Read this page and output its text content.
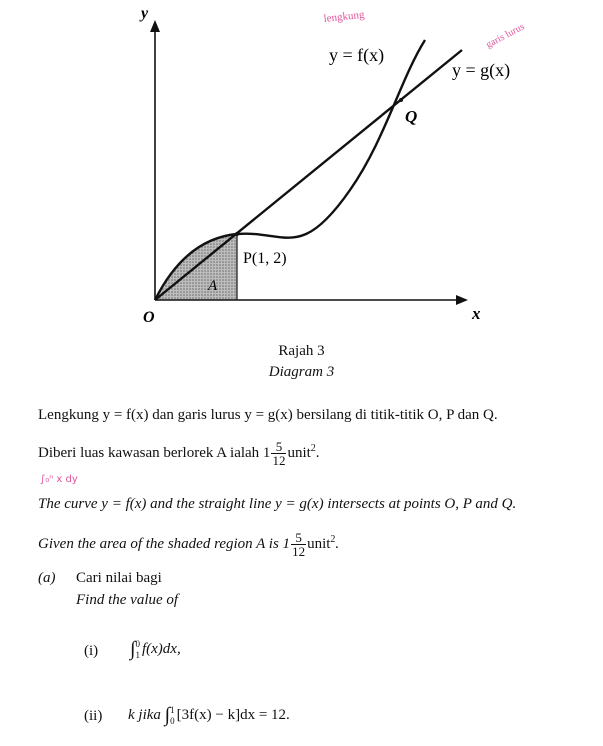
y
x
O
y = f(x)
y = g(x)
Q
P(1, 2)
A
lengkung
garis lurus
Rajah 3
Diagram 3
Lengkung y = f(x) dan garis lurus y = g(x) bersilang di titik-titik O, P dan Q.
Diberi luas kawasan berlorek A ialah $1 \frac{5}{12}$ unit$^2$.
∫₀ⁿ x dy
The curve y = f(x) and the straight line y = g(x) intersects at points O, P and Q.
Given the area of the shaded region A is $1 \frac{5}{12}$ unit$^2$.
(a) Cari nilai bagi
Find the value of
(i) ∫ 0
1 f(x)dx,
(ii) k jika ∫ 1
0 [3f(x) − k]dx = 12.
